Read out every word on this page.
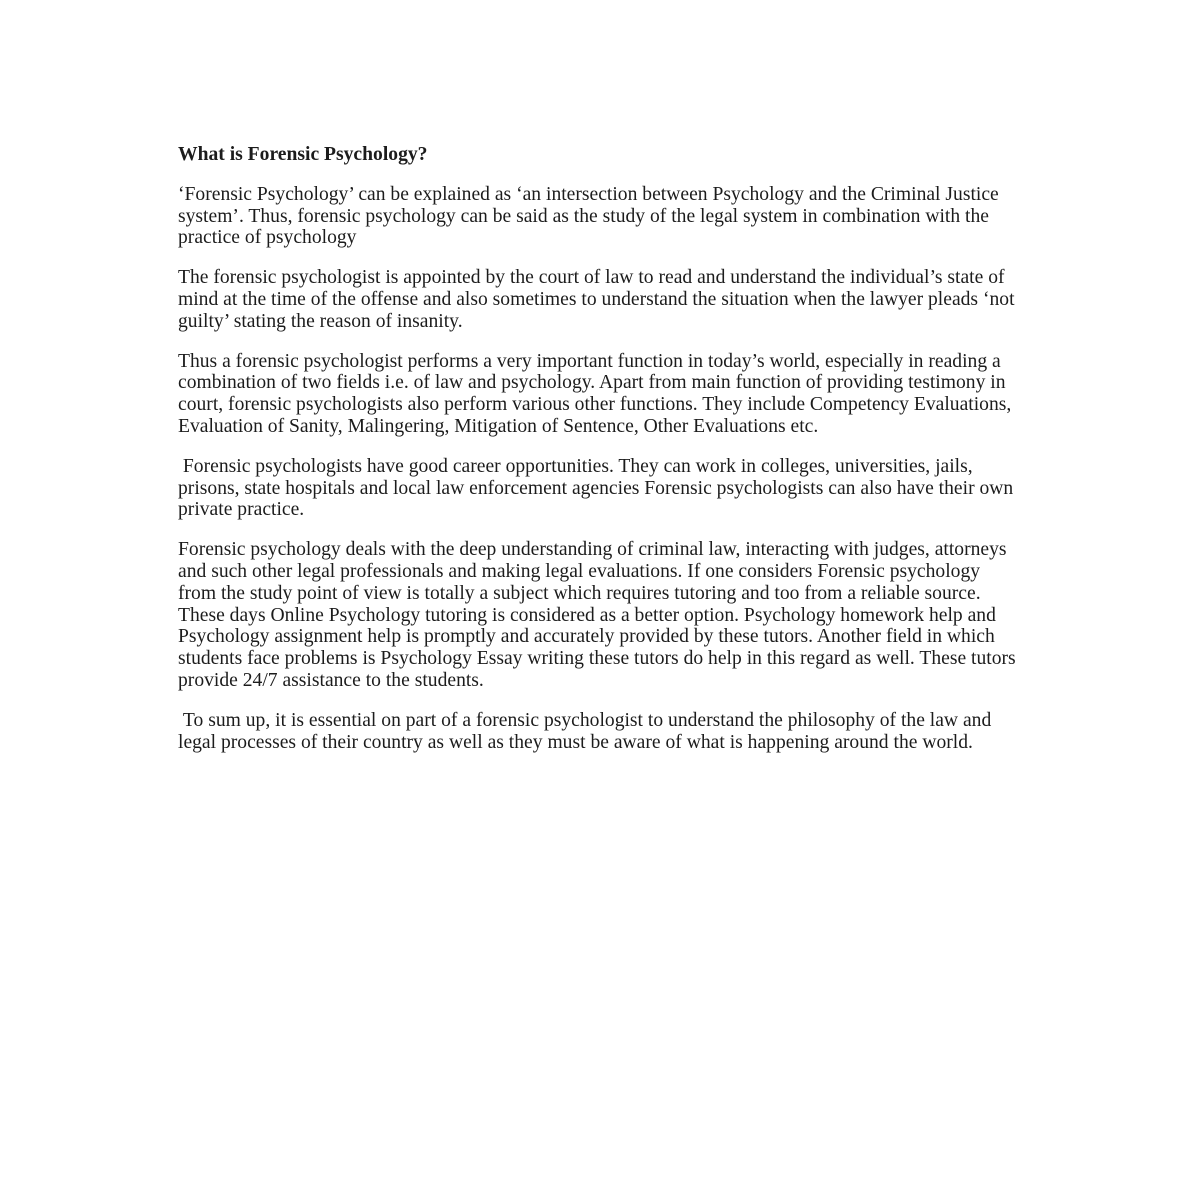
What is Forensic Psychology?

‘Forensic Psychology’ can be explained as ‘an intersection between Psychology and the Criminal Justice system’. Thus, forensic psychology can be said as the study of the legal system in combination with the practice of psychology

The forensic psychologist is appointed by the court of law to read and understand the individual’s state of mind at the time of the offense and also sometimes to understand the situation when the lawyer pleads ‘not guilty’ stating the reason of insanity.

Thus a forensic psychologist performs a very important function in today’s world, especially in reading a combination of two fields i.e. of law and psychology. Apart from main function of providing testimony in court, forensic psychologists also perform various other functions. They include Competency Evaluations, Evaluation of Sanity, Malingering, Mitigation of Sentence, Other Evaluations etc.

Forensic psychologists have good career opportunities. They can work in colleges, universities, jails, prisons, state hospitals and local law enforcement agencies Forensic psychologists can also have their own private practice.

Forensic psychology deals with the deep understanding of criminal law, interacting with judges, attorneys and such other legal professionals and making legal evaluations. If one considers Forensic psychology from the study point of view is totally a subject which requires tutoring and too from a reliable source. These days Online Psychology tutoring is considered as a better option. Psychology homework help and Psychology assignment help is promptly and accurately provided by these tutors. Another field in which students face problems is Psychology Essay writing these tutors do help in this regard as well. These tutors provide 24/7 assistance to the students.

To sum up, it is essential on part of a forensic psychologist to understand the philosophy of the law and legal processes of their country as well as they must be aware of what is happening around the world.
